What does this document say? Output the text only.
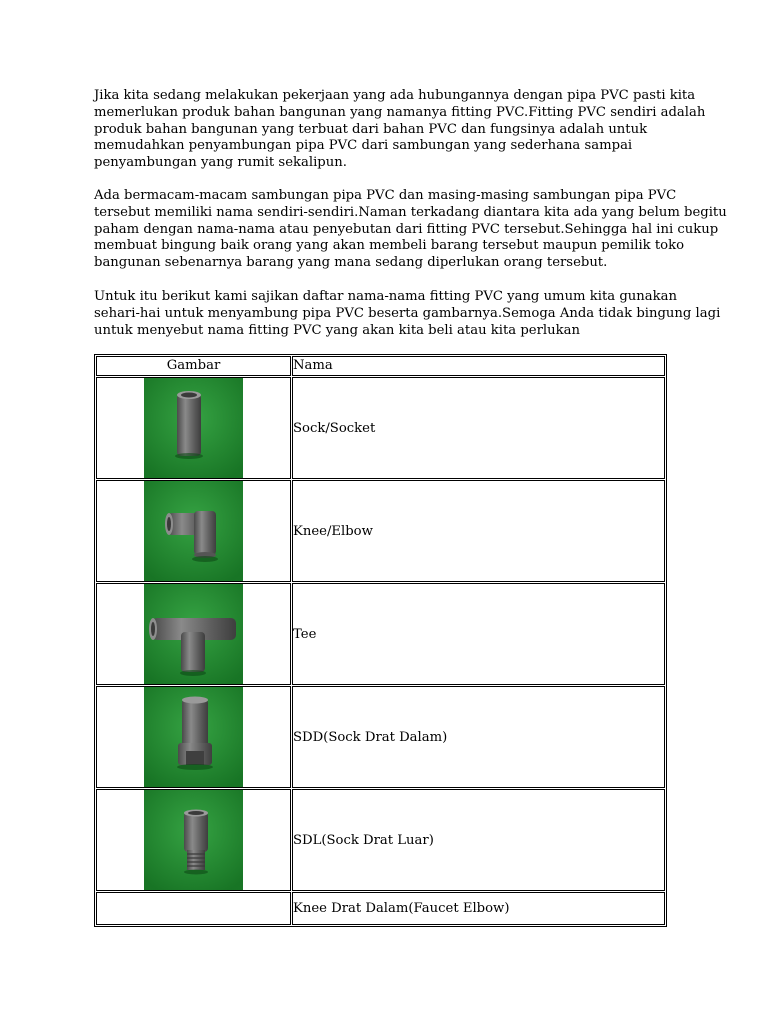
Jika kita sedang melakukan pekerjaan yang ada hubungannya dengan pipa PVC pasti kita
memerlukan produk bahan bangunan yang namanya fitting PVC.Fitting PVC sendiri adalah
produk bahan bangunan yang terbuat dari bahan PVC dan fungsinya adalah untuk
memudahkan penyambungan pipa PVC dari sambungan yang sederhana sampai
penyambungan yang rumit sekalipun.

Ada bermacam-macam sambungan pipa PVC dan masing-masing sambungan pipa PVC
tersebut memiliki nama sendiri-sendiri.Naman terkadang diantara kita ada yang belum begitu
paham dengan nama-nama atau penyebutan dari fitting PVC tersebut.Sehingga hal ini cukup
membuat bingung baik orang yang akan membeli barang tersebut maupun pemilik toko
bangunan sebenarnya barang yang mana sedang diperlukan orang tersebut.

Untuk itu berikut kami sajikan daftar nama-nama fitting PVC yang umum kita gunakan
sehari-hai untuk menyambung pipa PVC beserta gambarnya.Semoga Anda tidak bingung lagi
untuk menyebut nama fitting PVC yang akan kita beli atau kita perlukan

Gambar	Nama

	Sock/Socket

	Knee/Elbow

	Tee

	SDD(Sock Drat Dalam)

	SDL(Sock Drat Luar)
	Knee Drat Dalam(Faucet Elbow)
